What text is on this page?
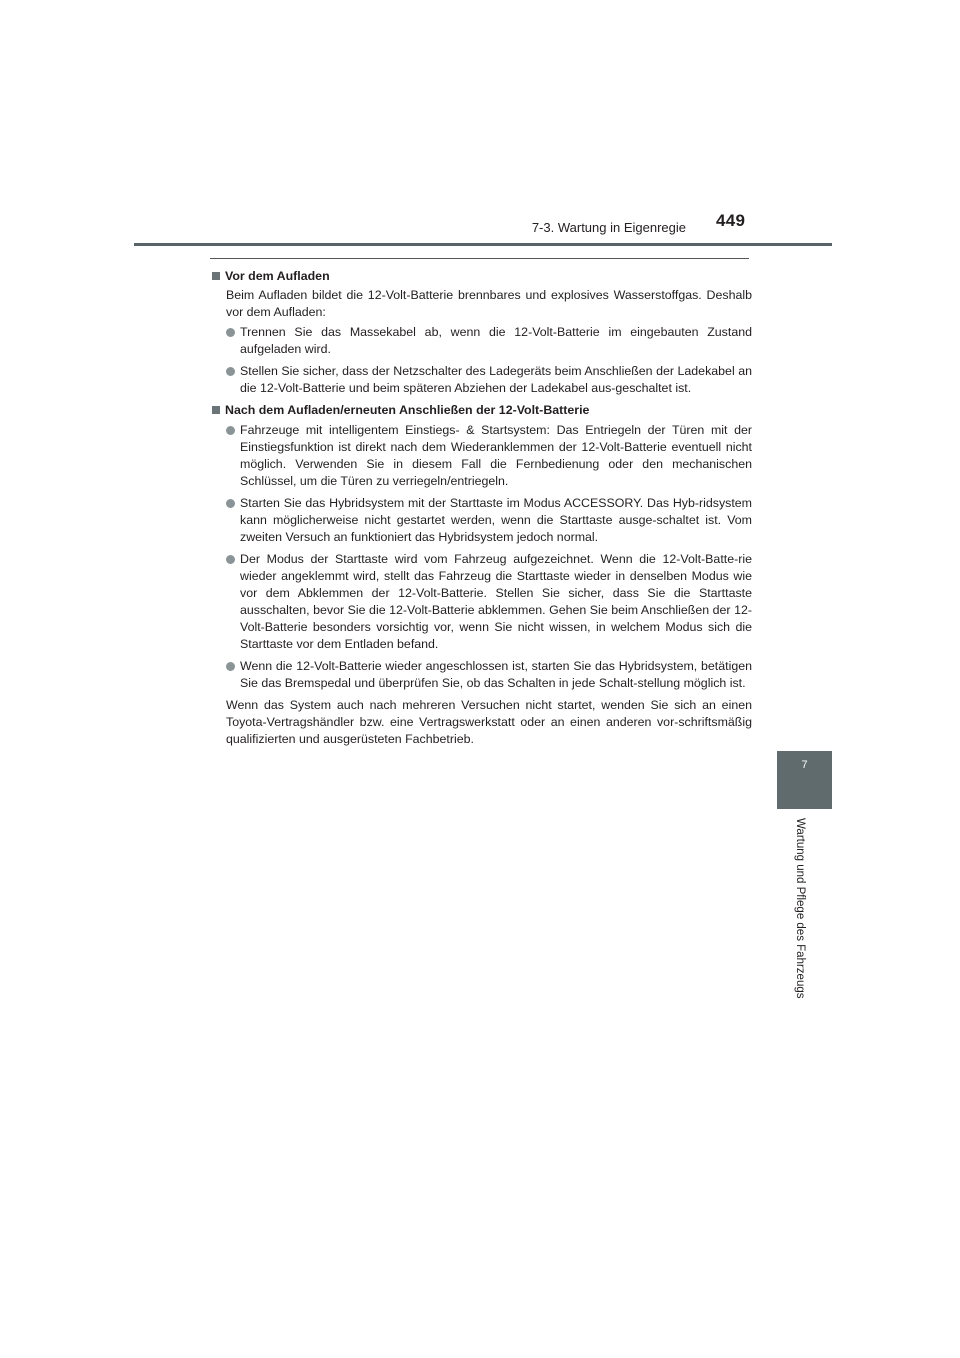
7-3. Wartung in Eigenregie 449
7
Wartung und Pflege des Fahrzeugs
Vor dem Aufladen
Beim Aufladen bildet die 12-Volt-Batterie brennbares und explosives Wasserstoffgas. Deshalb vor dem Aufladen:
Trennen Sie das Massekabel ab, wenn die 12-Volt-Batterie im eingebauten Zustand aufgeladen wird.
Stellen Sie sicher, dass der Netzschalter des Ladegeräts beim Anschließen der Ladekabel an die 12-Volt-Batterie und beim späteren Abziehen der Ladekabel aus-geschaltet ist.
Nach dem Aufladen/erneuten Anschließen der 12-Volt-Batterie
Fahrzeuge mit intelligentem Einstiegs- & Startsystem: Das Entriegeln der Türen mit der Einstiegsfunktion ist direkt nach dem Wiederanklemmen der 12-Volt-Batterie eventuell nicht möglich. Verwenden Sie in diesem Fall die Fernbedienung oder den mechanischen Schlüssel, um die Türen zu verriegeln/entriegeln.
Starten Sie das Hybridsystem mit der Starttaste im Modus ACCESSORY. Das Hyb-ridsystem kann möglicherweise nicht gestartet werden, wenn die Starttaste ausge-schaltet ist. Vom zweiten Versuch an funktioniert das Hybridsystem jedoch normal.
Der Modus der Starttaste wird vom Fahrzeug aufgezeichnet. Wenn die 12-Volt-Batte-rie wieder angeklemmt wird, stellt das Fahrzeug die Starttaste wieder in denselben Modus wie vor dem Abklemmen der 12-Volt-Batterie. Stellen Sie sicher, dass Sie die Starttaste ausschalten, bevor Sie die 12-Volt-Batterie abklemmen. Gehen Sie beim Anschließen der 12-Volt-Batterie besonders vorsichtig vor, wenn Sie nicht wissen, in welchem Modus sich die Starttaste vor dem Entladen befand.
Wenn die 12-Volt-Batterie wieder angeschlossen ist, starten Sie das Hybridsystem, betätigen Sie das Bremspedal und überprüfen Sie, ob das Schalten in jede Schalt-stellung möglich ist.
Wenn das System auch nach mehreren Versuchen nicht startet, wenden Sie sich an einen Toyota-Vertragshändler bzw. eine Vertragswerkstatt oder an einen anderen vor-schriftsmäßig qualifizierten und ausgerüsteten Fachbetrieb.
